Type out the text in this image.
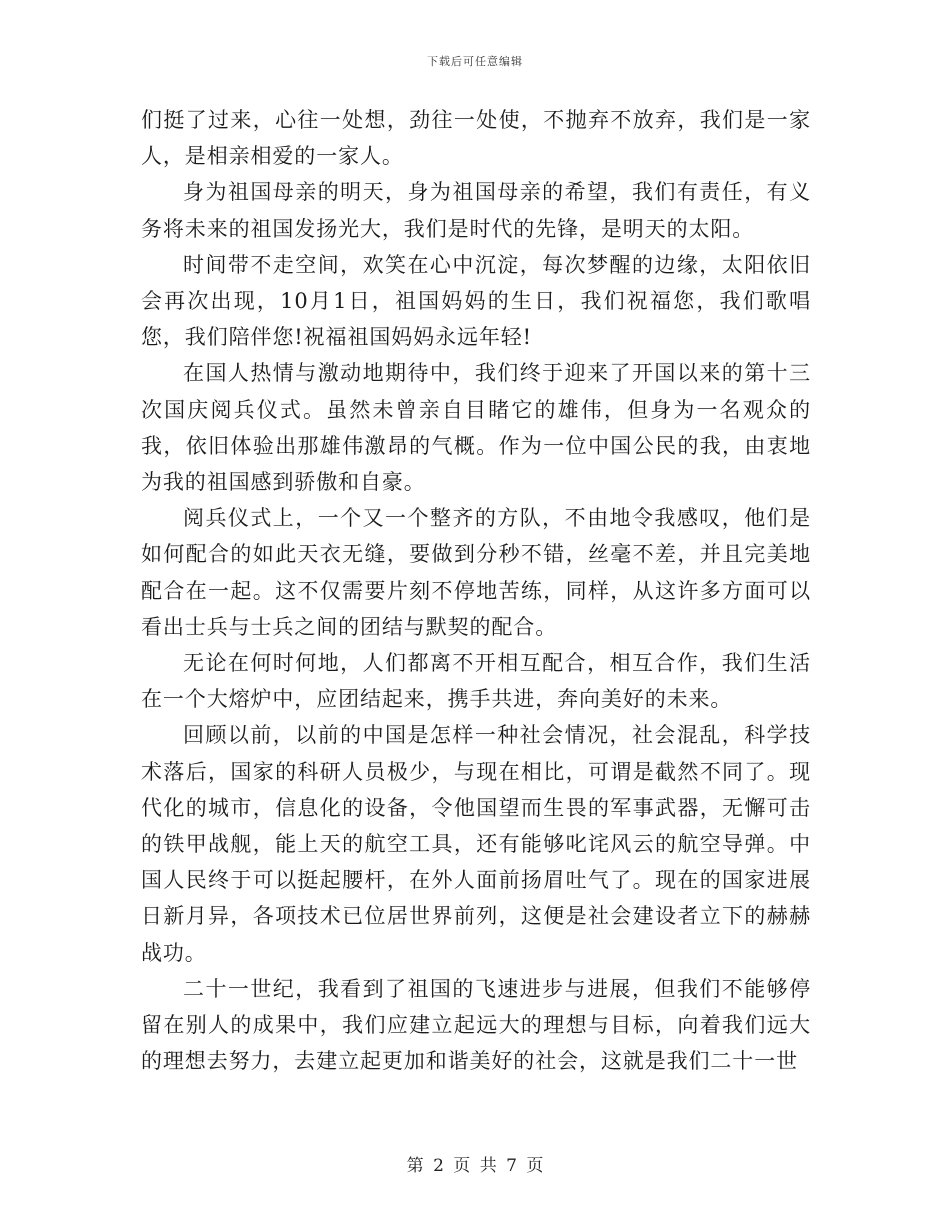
下载后可任意编辑

们挺了过来，心往一处想，劲往一处使，不抛弃不放弃，我们是一家人，是相亲相爱的一家人。

身为祖国母亲的明天，身为祖国母亲的希望，我们有责任，有义务将未来的祖国发扬光大，我们是时代的先锋，是明天的太阳。

时间带不走空间，欢笑在心中沉淀，每次梦醒的边缘，太阳依旧会再次出现，10月1日，祖国妈妈的生日，我们祝福您，我们歌唱您，我们陪伴您!祝福祖国妈妈永远年轻!

在国人热情与激动地期待中，我们终于迎来了开国以来的第十三次国庆阅兵仪式。虽然未曾亲自目睹它的雄伟，但身为一名观众的我，依旧体验出那雄伟激昂的气概。作为一位中国公民的我，由衷地为我的祖国感到骄傲和自豪。

阅兵仪式上，一个又一个整齐的方队，不由地令我感叹，他们是如何配合的如此天衣无缝，要做到分秒不错，丝毫不差，并且完美地配合在一起。这不仅需要片刻不停地苦练，同样，从这许多方面可以看出士兵与士兵之间的团结与默契的配合。

无论在何时何地，人们都离不开相互配合，相互合作，我们生活在一个大熔炉中，应团结起来，携手共进，奔向美好的未来。

回顾以前，以前的中国是怎样一种社会情况，社会混乱，科学技术落后，国家的科研人员极少，与现在相比，可谓是截然不同了。现代化的城市，信息化的设备，令他国望而生畏的军事武器，无懈可击的铁甲战舰，能上天的航空工具，还有能够叱诧风云的航空导弹。中国人民终于可以挺起腰杆，在外人面前扬眉吐气了。现在的国家进展日新月异，各项技术已位居世界前列，这便是社会建设者立下的赫赫战功。

二十一世纪，我看到了祖国的飞速进步与进展，但我们不能够停留在别人的成果中，我们应建立起远大的理想与目标，向着我们远大的理想去努力，去建立起更加和谐美好的社会，这就是我们二十一世

第 2 页 共 7 页
